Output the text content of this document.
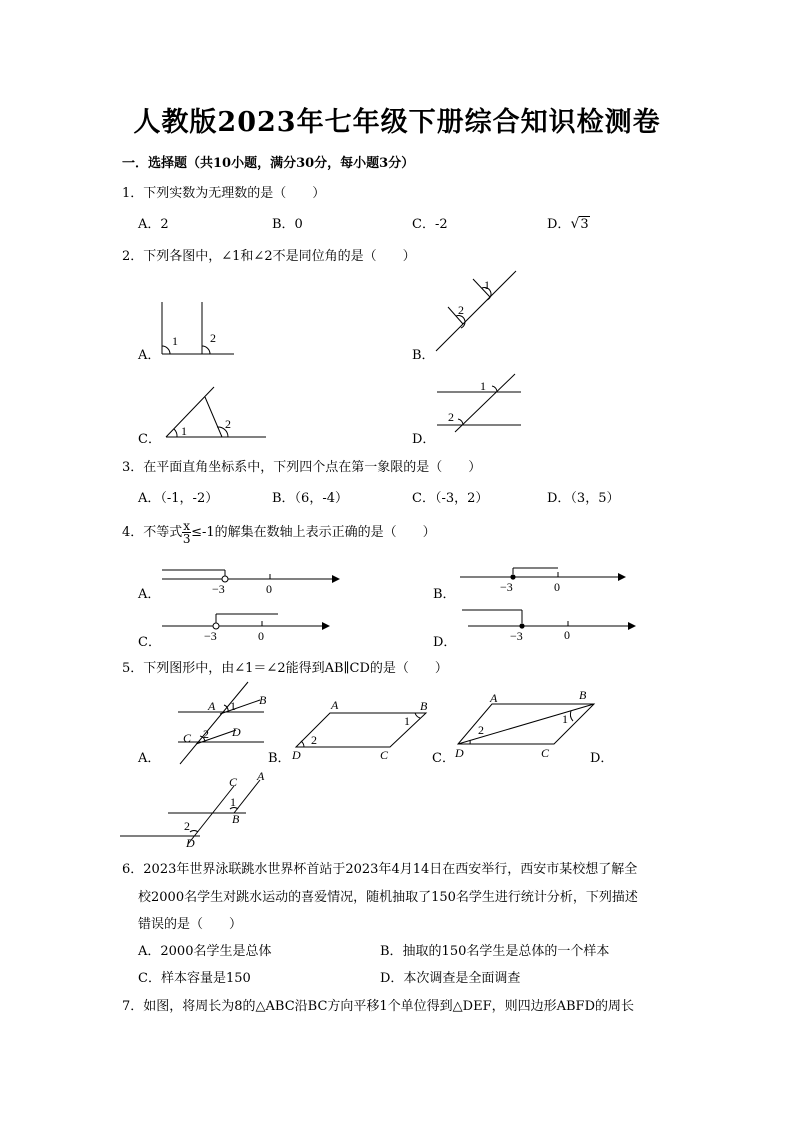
人教版2023年七年级下册综合知识检测卷
一．选择题（共10小题，满分30分，每小题3分）
1．下列实数为无理数的是（　　）
A．2	B．0	C．-2	D．√3
2．下列各图中，∠1和∠2不是同位角的是（　　）
A．
1	2
B．
1
2
C．
1	2
D．
1
2
3．在平面直角坐标系中，下列四个点在第一象限的是（　　）
A．（-1，-2）	B．（6，-4）	C．（-3，2）	D．（3，5）
4．不等式 $\frac{x}{3} \le-1$的解集在数轴上表示正确的是（　　）
A．	−3	0	B．	−3	0
C．	−3	0	D．	−3	0
5．下列图形中，由∠1＝∠2能得到AB∥CD的是（　　）
A．
A	B
C	D
1
2
B．
A	B
C
D
1
2
C．
A	B
C
D
1
2
D．
C A
B
D
1
2
6．2023年世界泳联跳水世界杯首站于2023年4月14日在西安举行，西安市某校想了解全
校2000名学生对跳水运动的喜爱情况，随机抽取了150名学生进行统计分析，下列描述
错误的是（　　）
A．2000名学生是总体	B．抽取的150名学生是总体的一个样本
C．样本容量是150	D．本次调查是全面调查
7．如图，将周长为8的△ABC沿BC方向平移1个单位得到△DEF，则四边形ABFD的周长
